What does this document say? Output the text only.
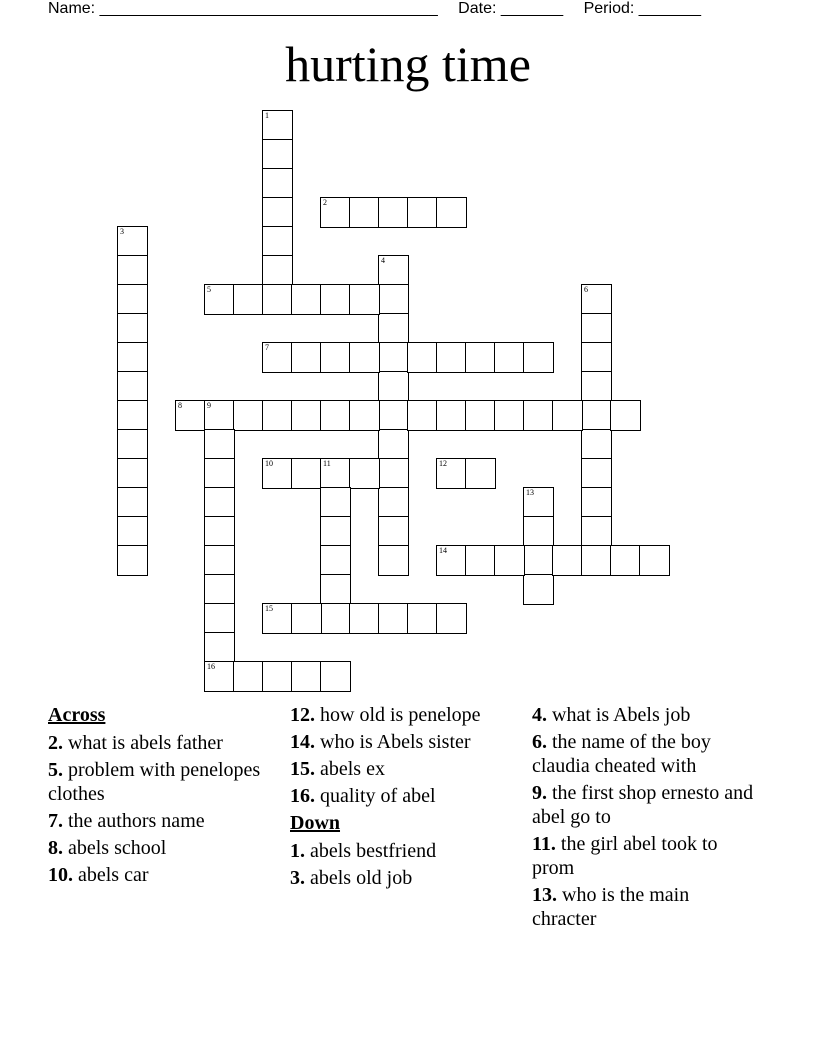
Name: ______________________________________ Date: _______ Period: _______
hurting time
1
2
3
4
5	6
7
8	9
16
10	11	12
13
14
15
Across
2. what is abels father
5. problem with penelopes clothes
7. the authors name
8. abels school
10. abels car
12. how old is penelope
14. who is Abels sister
15. abels ex
16. quality of abel
Down
1. abels bestfriend
3. abels old job
4. what is Abels job
6. the name of the boy claudia cheated with
9. the first shop ernesto and abel go to
11. the girl abel took to prom
13. who is the main chracter
